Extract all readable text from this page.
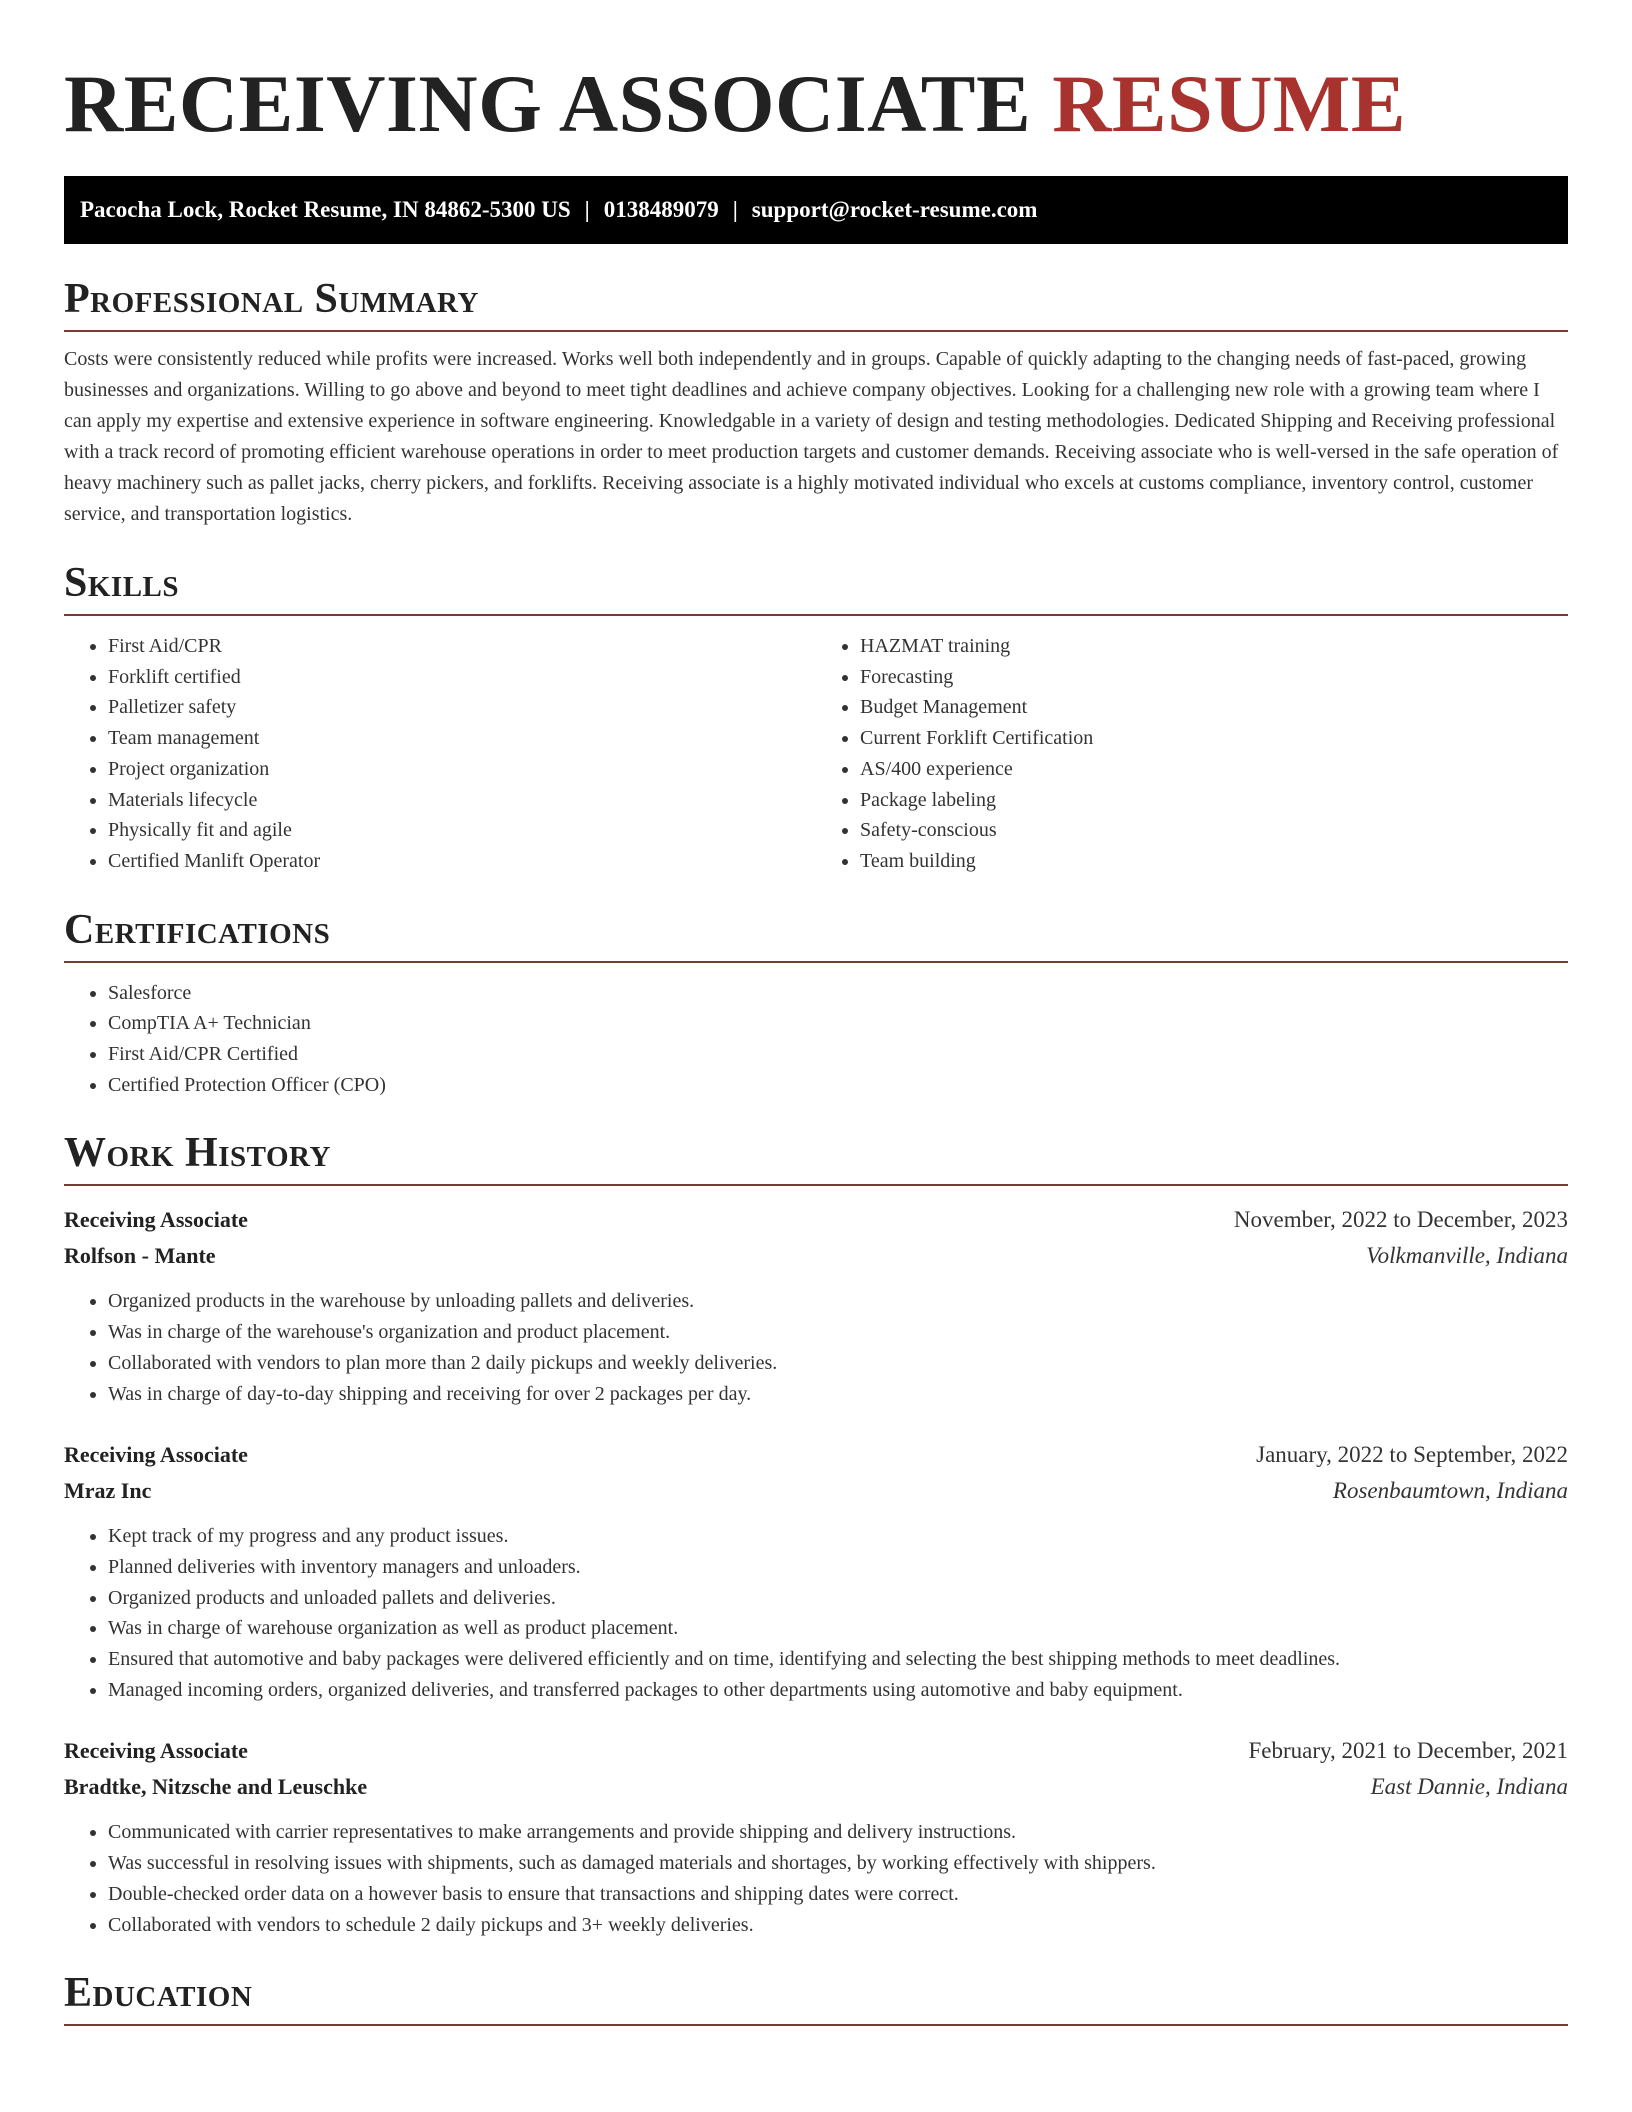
RECEIVING ASSOCIATE RESUME
Pacocha Lock, Rocket Resume, IN 84862-5300 US | 0138489079 | support@rocket-resume.com
Professional Summary

Costs were consistently reduced while profits were increased. Works well both independently and in groups. Capable of quickly adapting to the changing needs of fast-paced, growing businesses and organizations. Willing to go above and beyond to meet tight deadlines and achieve company objectives. Looking for a challenging new role with a growing team where I can apply my expertise and extensive experience in software engineering. Knowledgable in a variety of design and testing methodologies. Dedicated Shipping and Receiving professional with a track record of promoting efficient warehouse operations in order to meet production targets and customer demands. Receiving associate who is well-versed in the safe operation of heavy machinery such as pallet jacks, cherry pickers, and forklifts. Receiving associate is a highly motivated individual who excels at customs compliance, inventory control, customer service, and transportation logistics.

Skills
• First Aid/CPR
• Forklift certified
• Palletizer safety
• Team management
• Project organization
• Materials lifecycle
• Physically fit and agile
• Certified Manlift Operator
• HAZMAT training
• Forecasting
• Budget Management
• Current Forklift Certification
• AS/400 experience
• Package labeling
• Safety-conscious
• Team building
Certifications
• Salesforce
• CompTIA A+ Technician
• First Aid/CPR Certified
• Certified Protection Officer (CPO)
Work History
Receiving Associate	November, 2022 to December, 2023
Rolfson - Mante	Volkmanville, Indiana
• Organized products in the warehouse by unloading pallets and deliveries.
• Was in charge of the warehouse's organization and product placement.
• Collaborated with vendors to plan more than 2 daily pickups and weekly deliveries.
• Was in charge of day-to-day shipping and receiving for over 2 packages per day.
Receiving Associate	January, 2022 to September, 2022
Mraz Inc	Rosenbaumtown, Indiana
• Kept track of my progress and any product issues.
• Planned deliveries with inventory managers and unloaders.
• Organized products and unloaded pallets and deliveries.
• Was in charge of warehouse organization as well as product placement.
• Ensured that automotive and baby packages were delivered efficiently and on time, identifying and selecting the best shipping methods to meet deadlines.
• Managed incoming orders, organized deliveries, and transferred packages to other departments using automotive and baby equipment.
Receiving Associate	February, 2021 to December, 2021
Bradtke, Nitzsche and Leuschke	East Dannie, Indiana
• Communicated with carrier representatives to make arrangements and provide shipping and delivery instructions.
• Was successful in resolving issues with shipments, such as damaged materials and shortages, by working effectively with shippers.
• Double-checked order data on a however basis to ensure that transactions and shipping dates were correct.
• Collaborated with vendors to schedule 2 daily pickups and 3+ weekly deliveries.
Education
